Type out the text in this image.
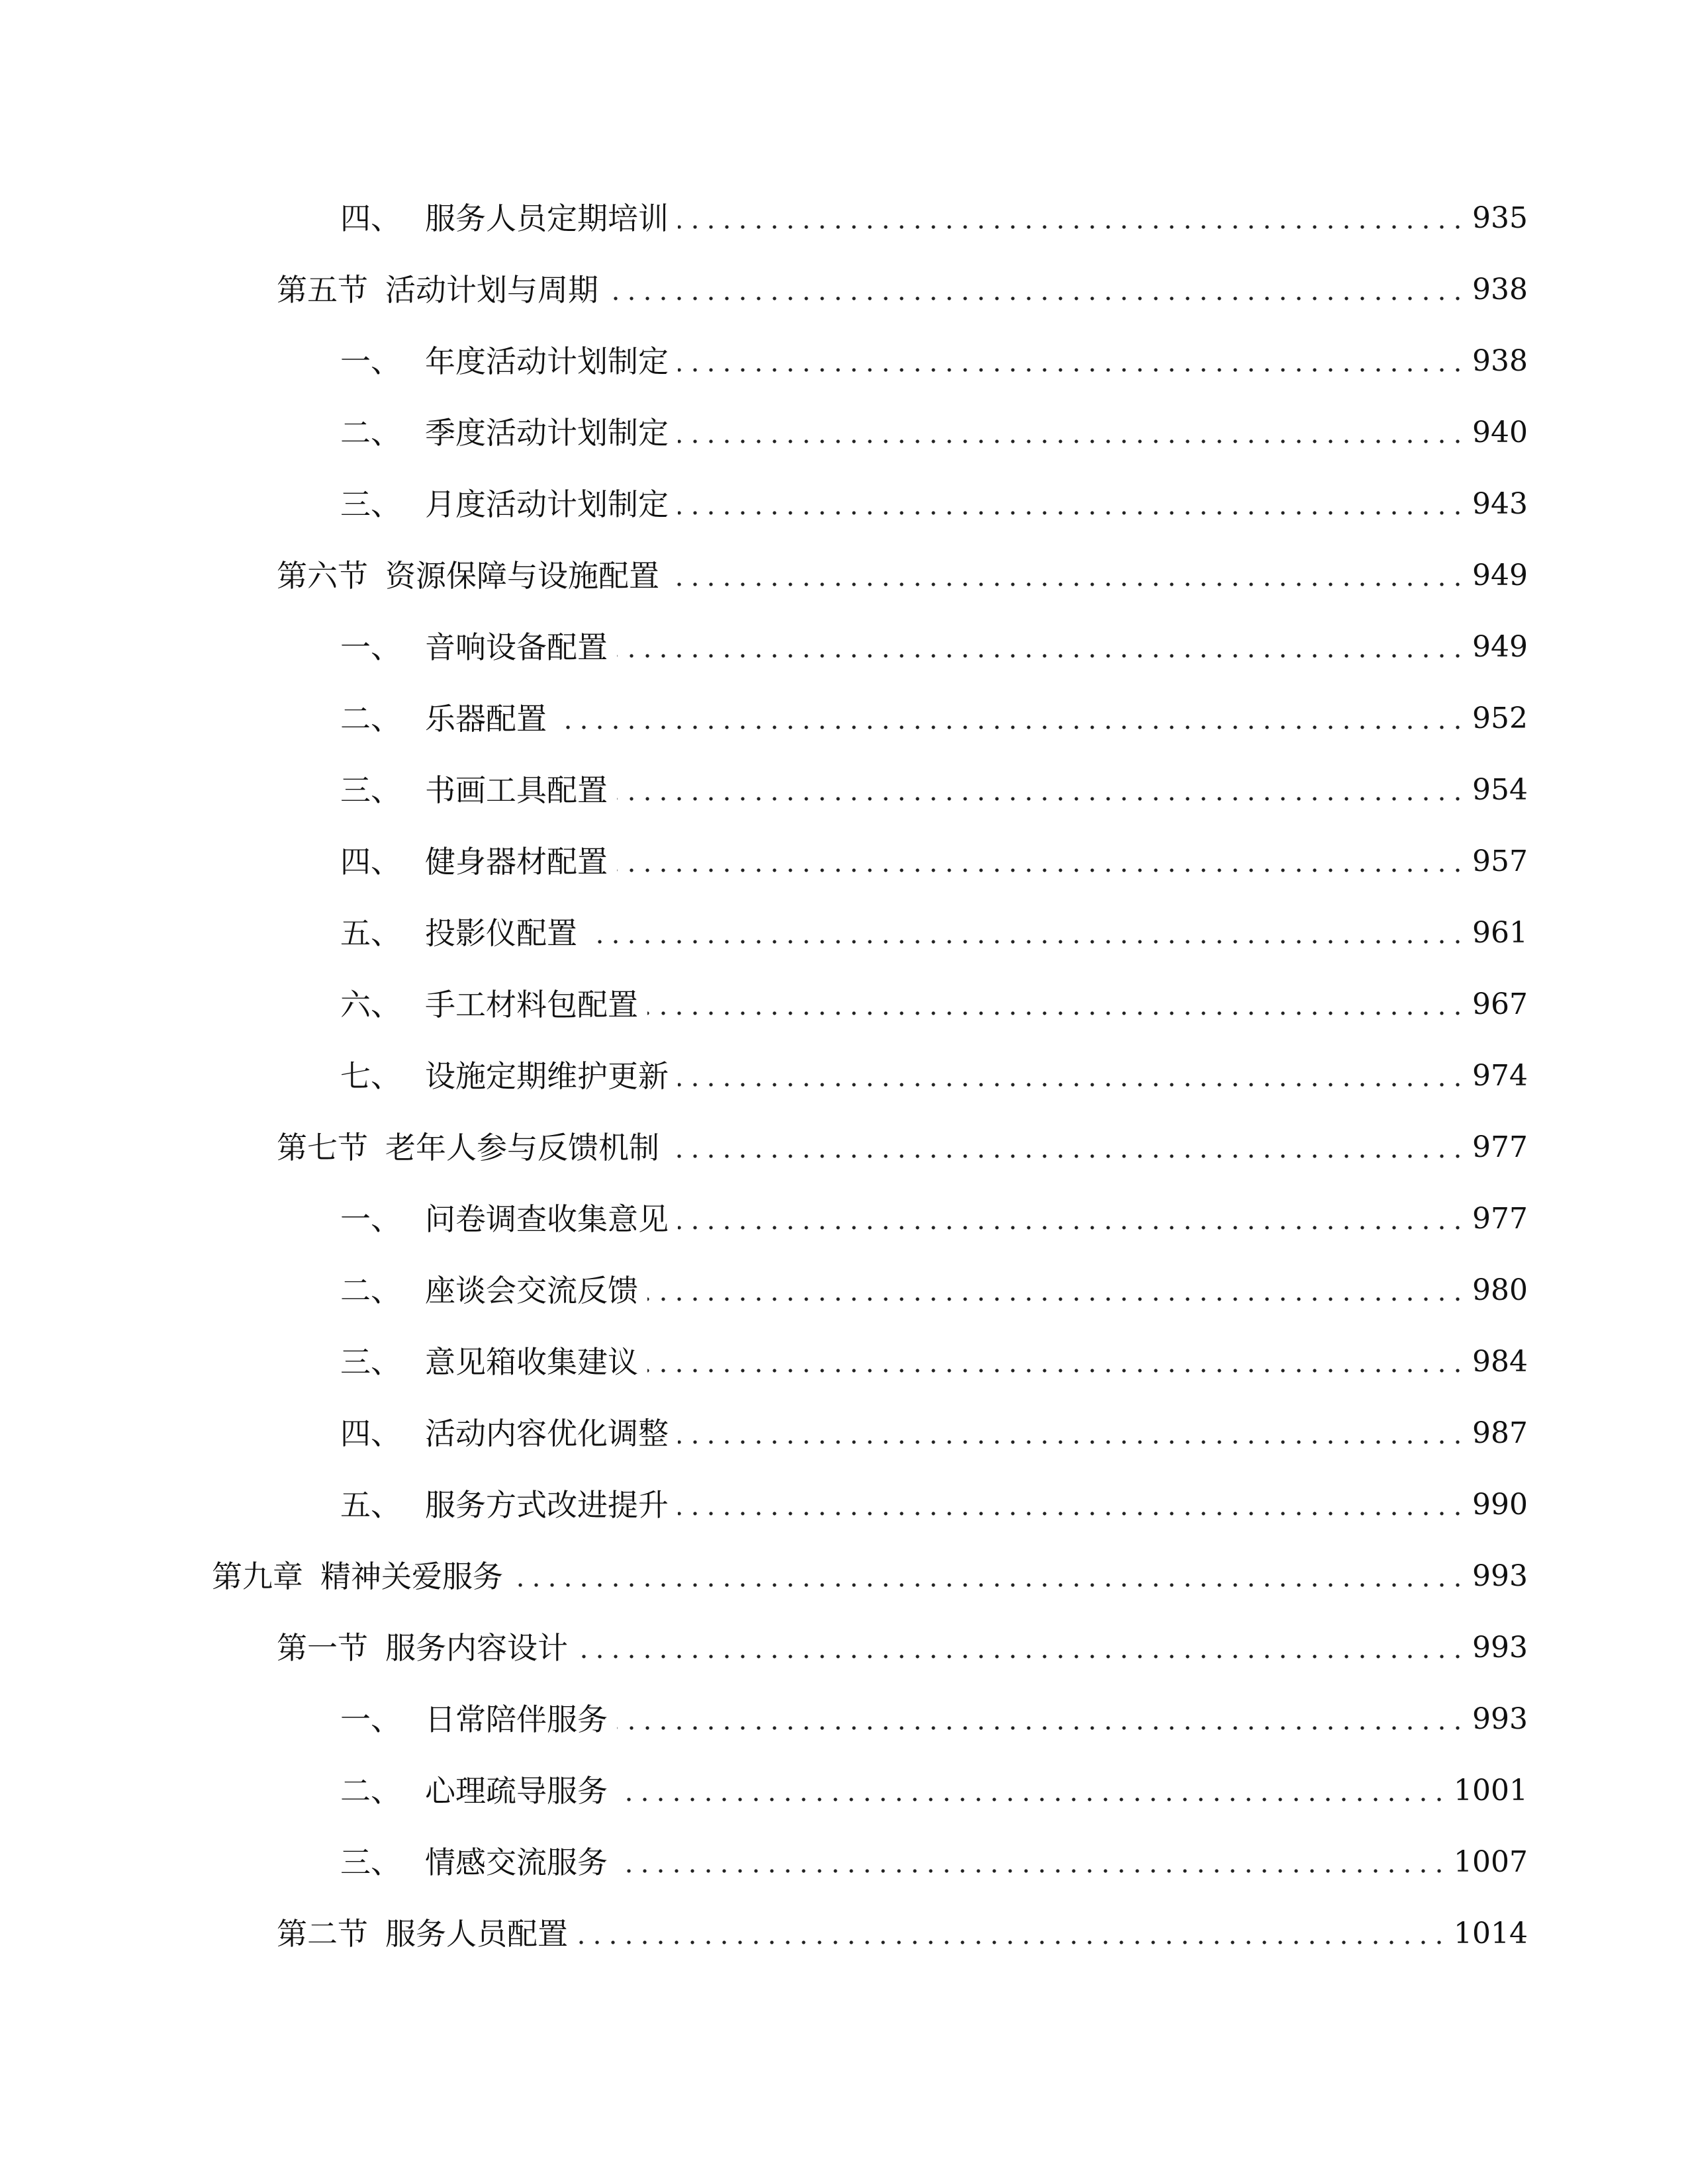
四、 服务人员定期培训	935
第五节 活动计划与周期	938
一、 年度活动计划制定	938
二、 季度活动计划制定	940
三、 月度活动计划制定	943
第六节 资源保障与设施配置	949
一、 音响设备配置	949
二、 乐器配置	952
三、 书画工具配置	954
四、 健身器材配置	957
五、 投影仪配置	961
六、 手工材料包配置	967
七、 设施定期维护更新	974
第七节 老年人参与反馈机制	977
一、 问卷调查收集意见	977
二、 座谈会交流反馈	980
三、 意见箱收集建议	984
四、 活动内容优化调整	987
五、 服务方式改进提升	990
第九章 精神关爱服务	993
第一节 服务内容设计	993
一、 日常陪伴服务	993
二、 心理疏导服务	1001
三、 情感交流服务	1007
第二节 服务人员配置	1014
